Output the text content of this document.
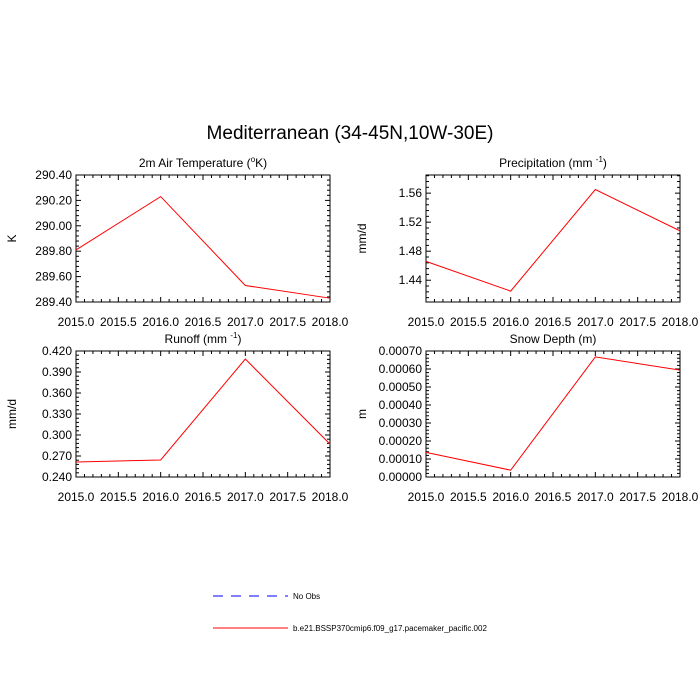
Mediterranean (34-45N,10W-30E)
2015.0 2015.5 2016.0 2016.5 2017.0 2017.5 2018.0
289.40
289.60
289.80
290.00
290.20
290.40
K
2m Air Temperature ($^o$K)
2015.0 2015.5 2016.0 2016.5 2017.0 2017.5 2018.0
1.44
1.48
1.52
1.56
mm/d
Precipitation (mm $^{-1}$)
2015.0 2015.5 2016.0 2016.5 2017.0 2017.5 2018.0
0.240
0.270
0.300
0.330
0.360
0.390
0.420
mm/d
Runoff (mm $^{-1}$)
2015.0 2015.5 2016.0 2016.5 2017.0 2017.5 2018.0
0.00000
0.00010
0.00020
0.00030
0.00040
0.00050
0.00060
0.00070
m
Snow Depth (m)
No Obs
b.e21.BSSP370cmip6.f09_g17.pacemaker_pacific.002
